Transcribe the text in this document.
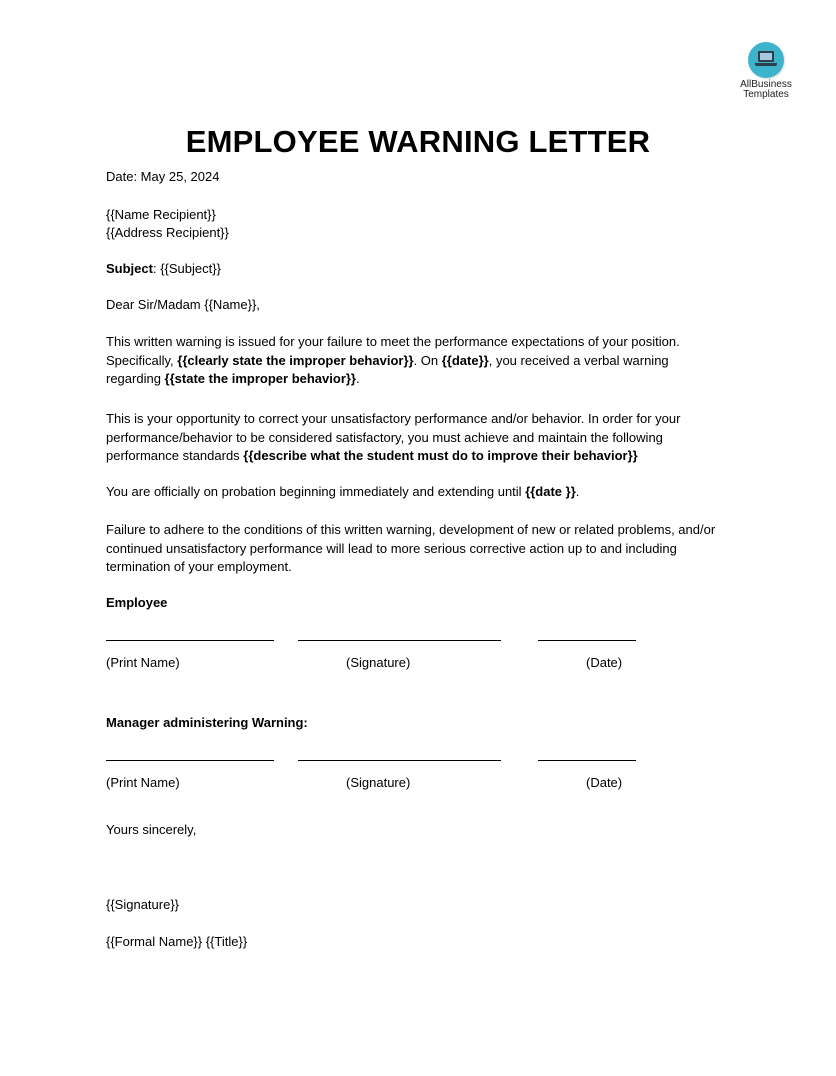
AllBusiness
Templates
EMPLOYEE WARNING LETTER
Date: May 25, 2024
{{Name Recipient}}
{{Address Recipient}}
Subject: {{Subject}}
Dear Sir/Madam {{Name}},
This written warning is issued for your failure to meet the performance expectations of your position. Specifically, {{clearly state the improper behavior}}. On {{date}}, you received a verbal warning regarding {{state the improper behavior}}.
This is your opportunity to correct your unsatisfactory performance and/or behavior. In order for your performance/behavior to be considered satisfactory, you must achieve and maintain the following performance standards {{describe what the student must do to improve their behavior}}
You are officially on probation beginning immediately and extending until {{date }}.
Failure to adhere to the conditions of this written warning, development of new or related problems, and/or continued unsatisfactory performance will lead to more serious corrective action up to and including termination of your employment.
Employee
(Print Name)	(Signature)	(Date)
Manager administering Warning:
(Print Name)	(Signature)	(Date)
Yours sincerely,
{{Signature}}
{{Formal Name}} {{Title}}
